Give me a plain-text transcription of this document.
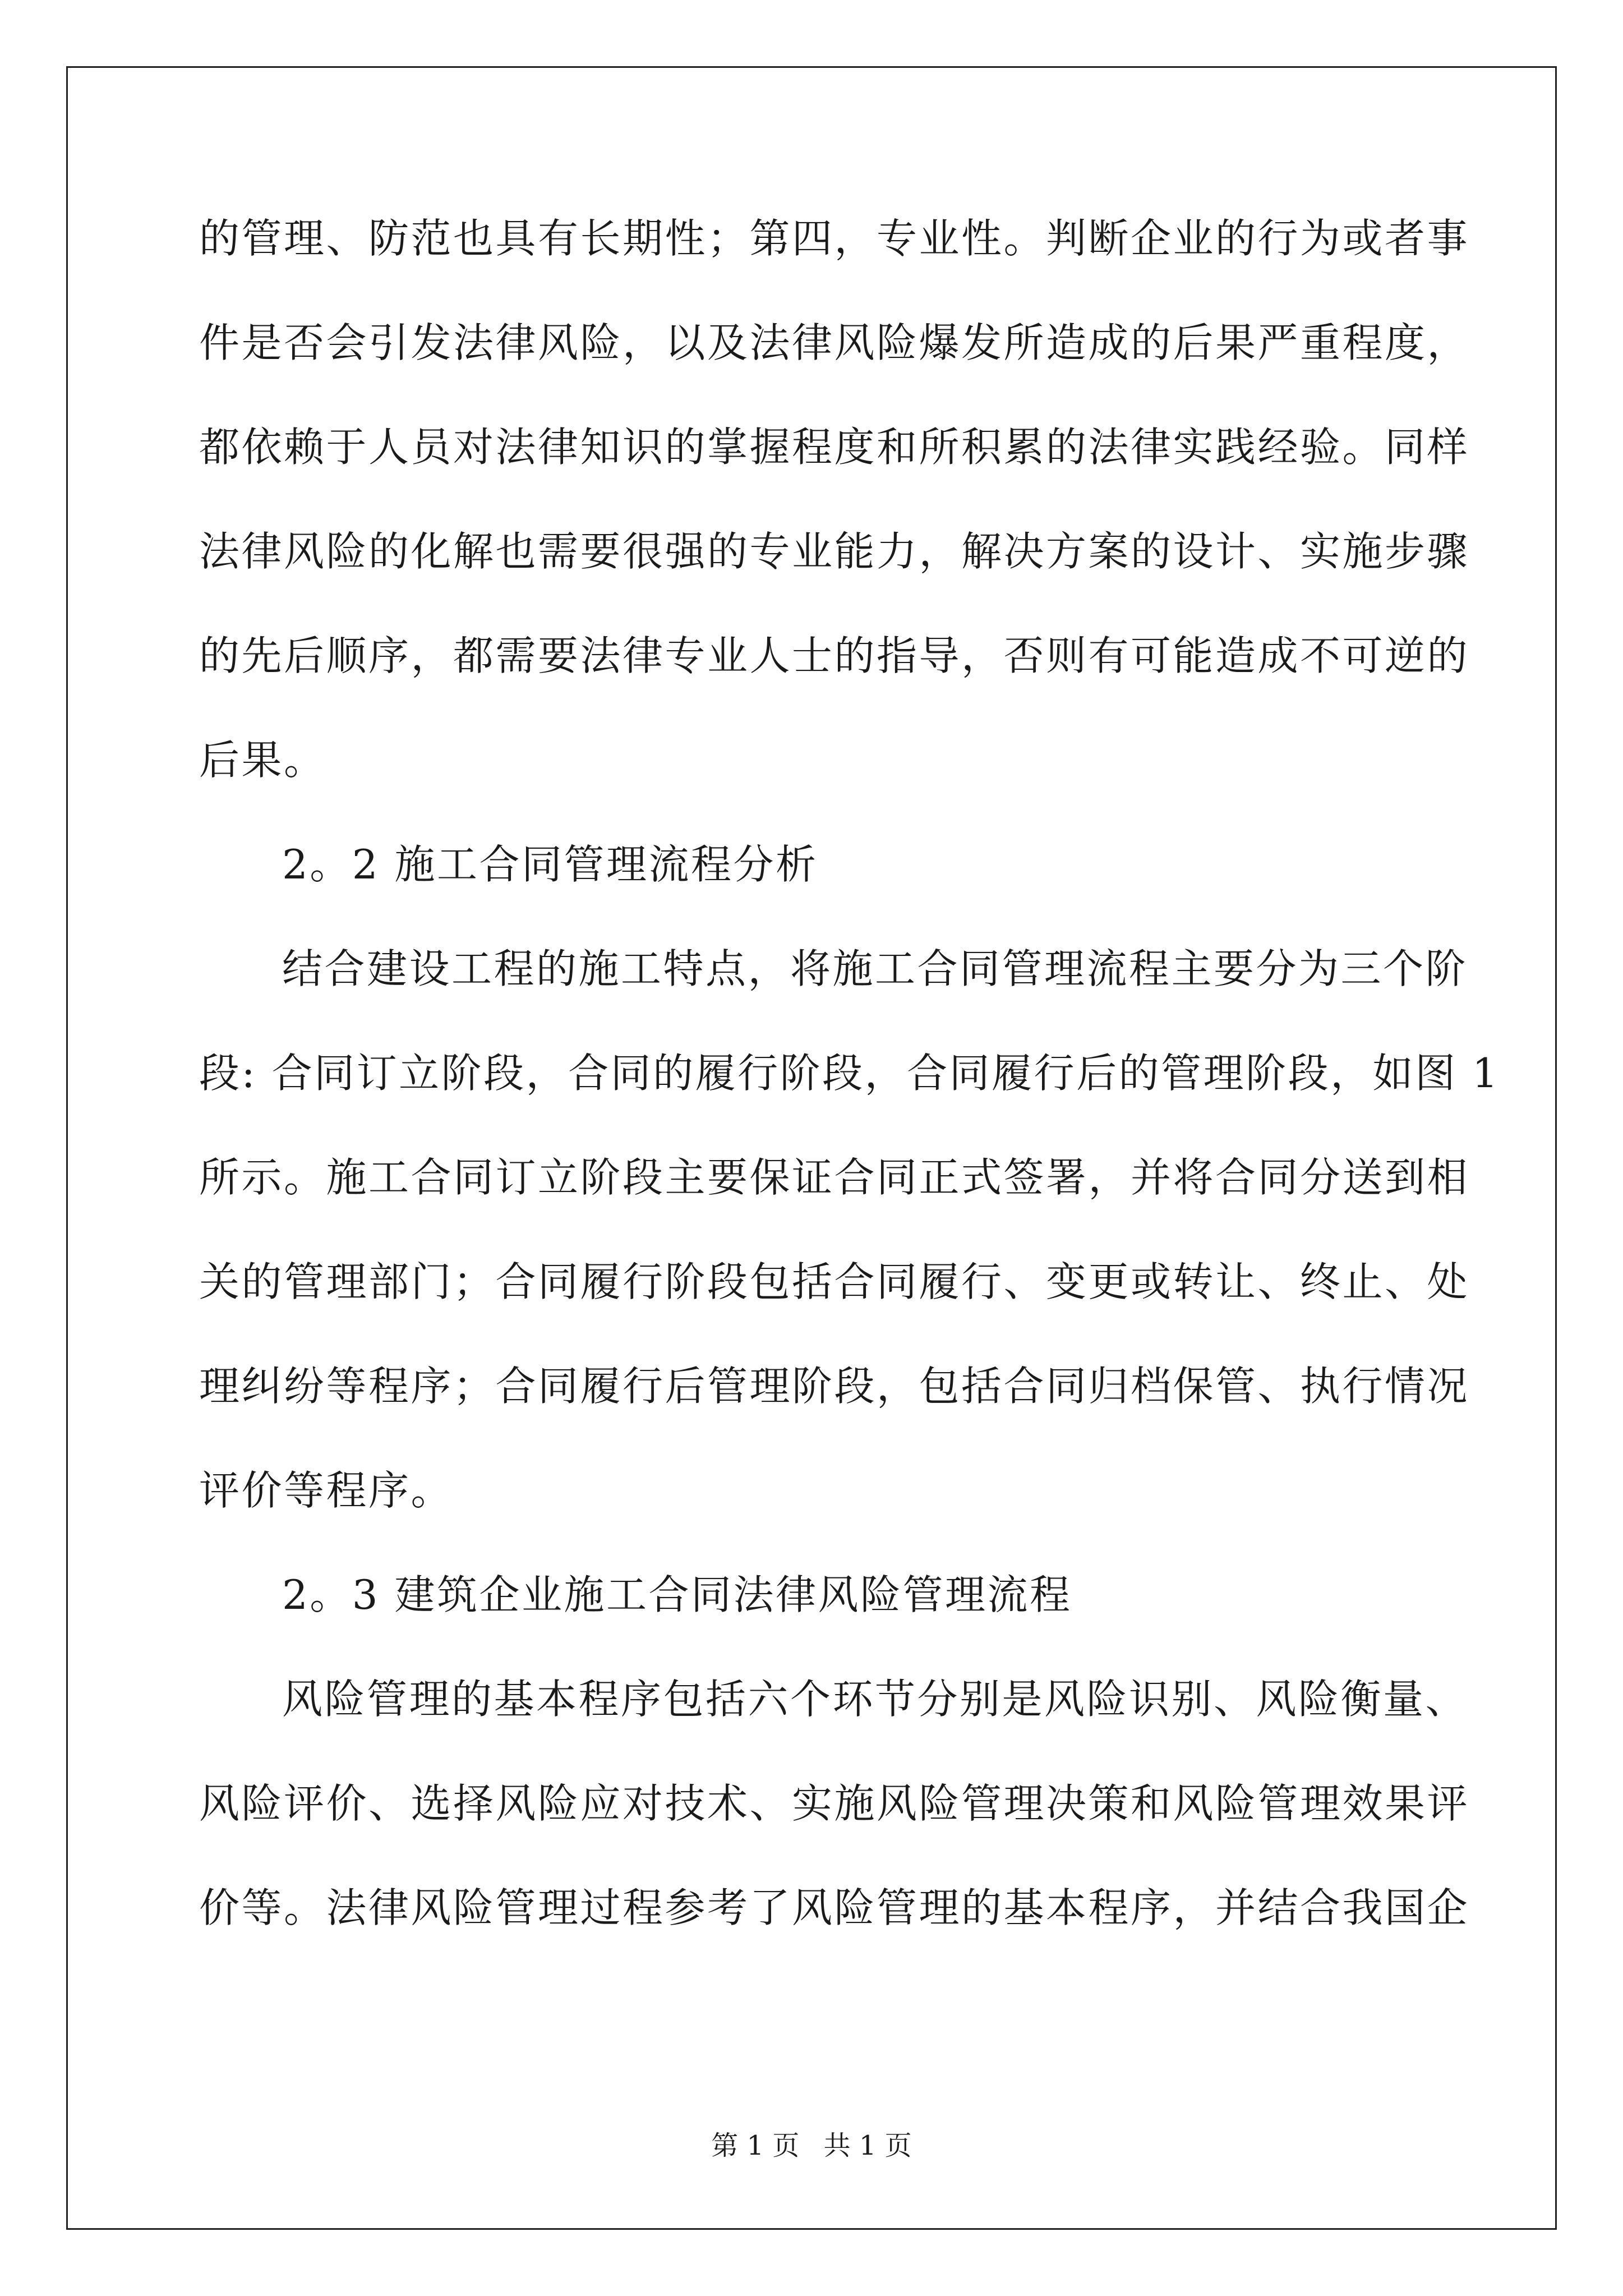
的管理、防范也具有长期性；第四，专业性。判断企业的行为或者事
件是否会引发法律风险，以及法律风险爆发所造成的后果严重程度，
都依赖于人员对法律知识的掌握程度和所积累的法律实践经验。同样
法律风险的化解也需要很强的专业能力，解决方案的设计、实施步骤
的先后顺序，都需要法律专业人士的指导，否则有可能造成不可逆的
后果。
2。2 施工合同管理流程分析
结合建设工程的施工特点，将施工合同管理流程主要分为三个阶
段: 合同订立阶段，合同的履行阶段，合同履行后的管理阶段，如图 1
所示。施工合同订立阶段主要保证合同正式签署，并将合同分送到相
关的管理部门；合同履行阶段包括合同履行、变更或转让、终止、处
理纠纷等程序；合同履行后管理阶段，包括合同归档保管、执行情况
评价等程序。
2。3 建筑企业施工合同法律风险管理流程
风险管理的基本程序包括六个环节分别是风险识别、风险衡量、
风险评价、选择风险应对技术、实施风险管理决策和风险管理效果评
价等。法律风险管理过程参考了风险管理的基本程序，并结合我国企
第 1 页 共 1 页
